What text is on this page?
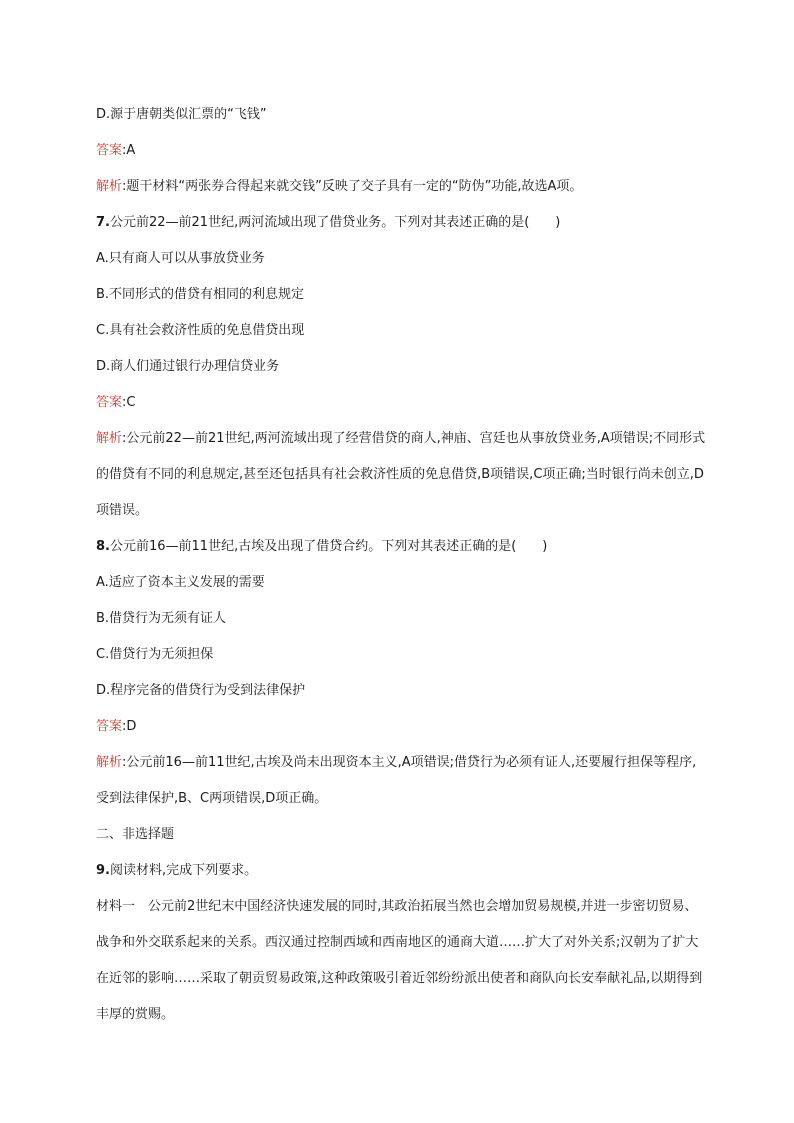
D.源于唐朝类似汇票的“飞钱”
答案:A
解析:题干材料“两张券合得起来就交钱”反映了交子具有一定的“防伪”功能,故选A项。
7.公元前22—前21世纪,两河流域出现了借贷业务。下列对其表述正确的是(　　)
A.只有商人可以从事放贷业务
B.不同形式的借贷有相同的利息规定
C.具有社会救济性质的免息借贷出现
D.商人们通过银行办理信贷业务
答案:C
解析:公元前22—前21世纪,两河流域出现了经营借贷的商人,神庙、宫廷也从事放贷业务,A项错误;不同形式的借贷有不同的利息规定,甚至还包括具有社会救济性质的免息借贷,B项错误,C项正确;当时银行尚未创立,D项错误。
8.公元前16—前11世纪,古埃及出现了借贷合约。下列对其表述正确的是(　　)
A.适应了资本主义发展的需要
B.借贷行为无须有证人
C.借贷行为无须担保
D.程序完备的借贷行为受到法律保护
答案:D
解析:公元前16—前11世纪,古埃及尚未出现资本主义,A项错误;借贷行为必须有证人,还要履行担保等程序,受到法律保护,B、C两项错误,D项正确。
二、非选择题
9.阅读材料,完成下列要求。
材料一　公元前2世纪末中国经济快速发展的同时,其政治拓展当然也会增加贸易规模,并进一步密切贸易、战争和外交联系起来的关系。西汉通过控制西域和西南地区的通商大道……扩大了对外关系;汉朝为了扩大在近邻的影响……采取了朝贡贸易政策,这种政策吸引着近邻纷纷派出使者和商队向长安奉献礼品,以期得到丰厚的赏赐。
